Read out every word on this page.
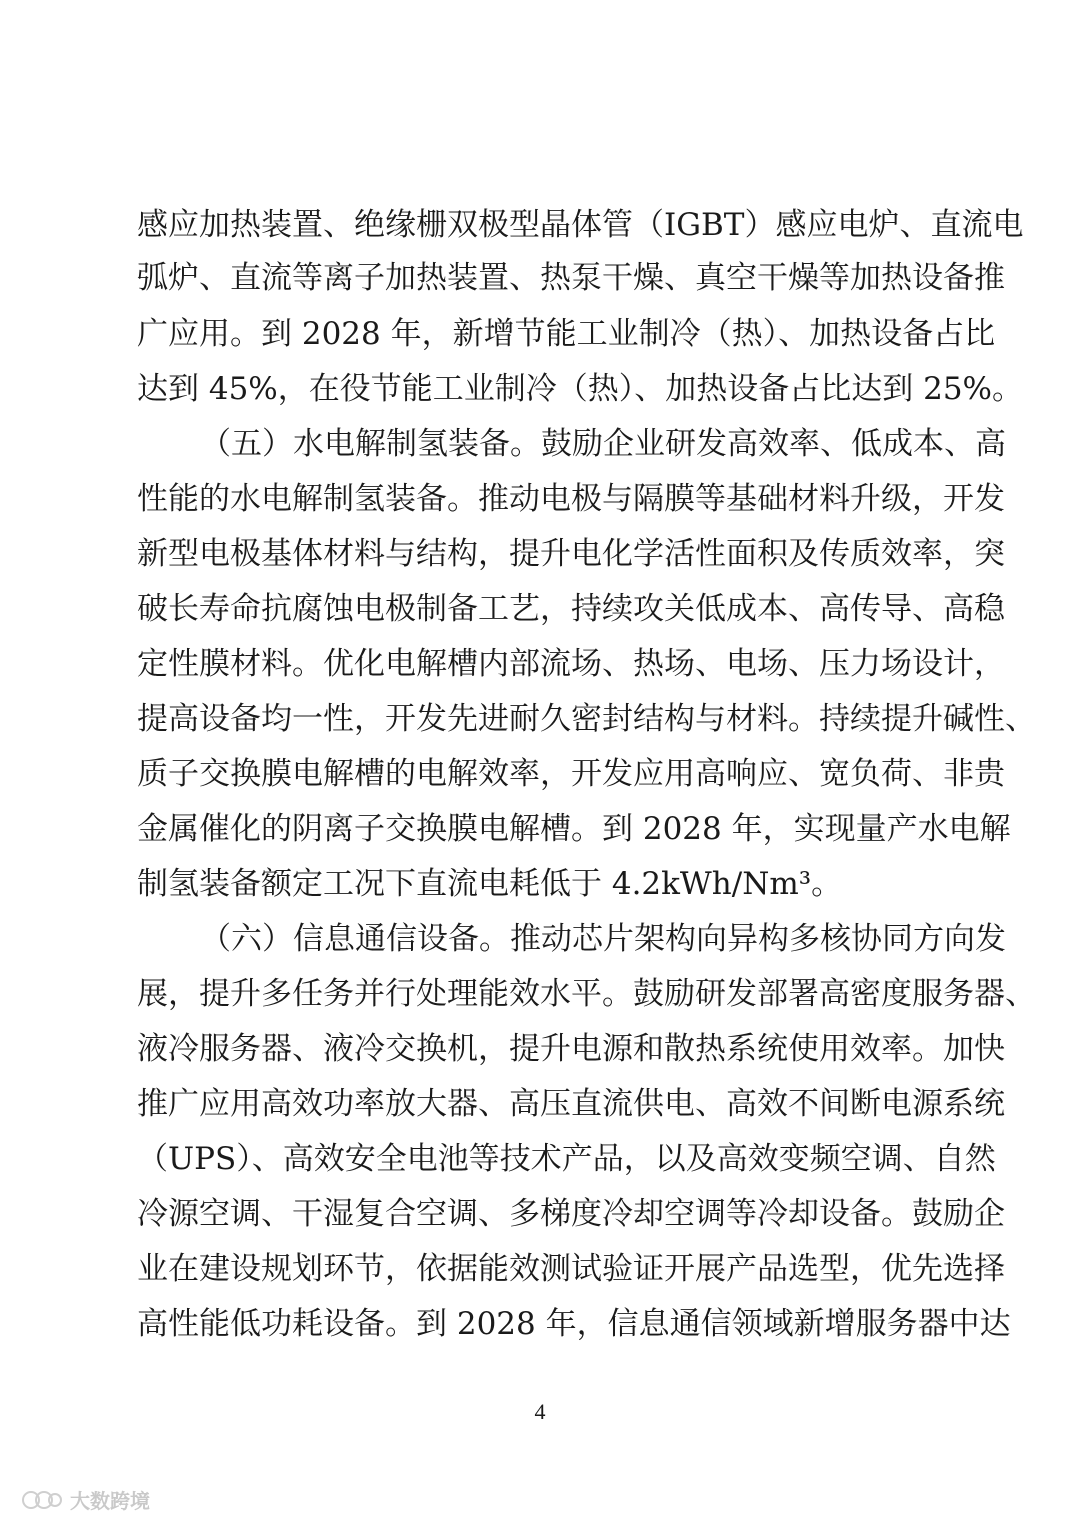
感应加热装置、绝缘栅双极型晶体管（IGBT）感应电炉、直流电
弧炉、直流等离子加热装置、热泵干燥、真空干燥等加热设备推
广应用。到 2028 年，新增节能工业制冷（热）、加热设备占比
达到 45%，在役节能工业制冷（热）、加热设备占比达到 25%。
（五）水电解制氢装备。鼓励企业研发高效率、低成本、高
性能的水电解制氢装备。推动电极与隔膜等基础材料升级，开发
新型电极基体材料与结构，提升电化学活性面积及传质效率，突
破长寿命抗腐蚀电极制备工艺，持续攻关低成本、高传导、高稳
定性膜材料。优化电解槽内部流场、热场、电场、压力场设计，
提高设备均一性，开发先进耐久密封结构与材料。持续提升碱性、
质子交换膜电解槽的电解效率，开发应用高响应、宽负荷、非贵
金属催化的阴离子交换膜电解槽。到 2028 年，实现量产水电解
制氢装备额定工况下直流电耗低于 4.2kWh/Nm³。
（六）信息通信设备。推动芯片架构向异构多核协同方向发
展，提升多任务并行处理能效水平。鼓励研发部署高密度服务器、
液冷服务器、液冷交换机，提升电源和散热系统使用效率。加快
推广应用高效功率放大器、高压直流供电、高效不间断电源系统
（UPS）、高效安全电池等技术产品，以及高效变频空调、自然
冷源空调、干湿复合空调、多梯度冷却空调等冷却设备。鼓励企
业在建设规划环节，依据能效测试验证开展产品选型，优先选择
高性能低功耗设备。到 2028 年，信息通信领域新增服务器中达
4
大数跨境
